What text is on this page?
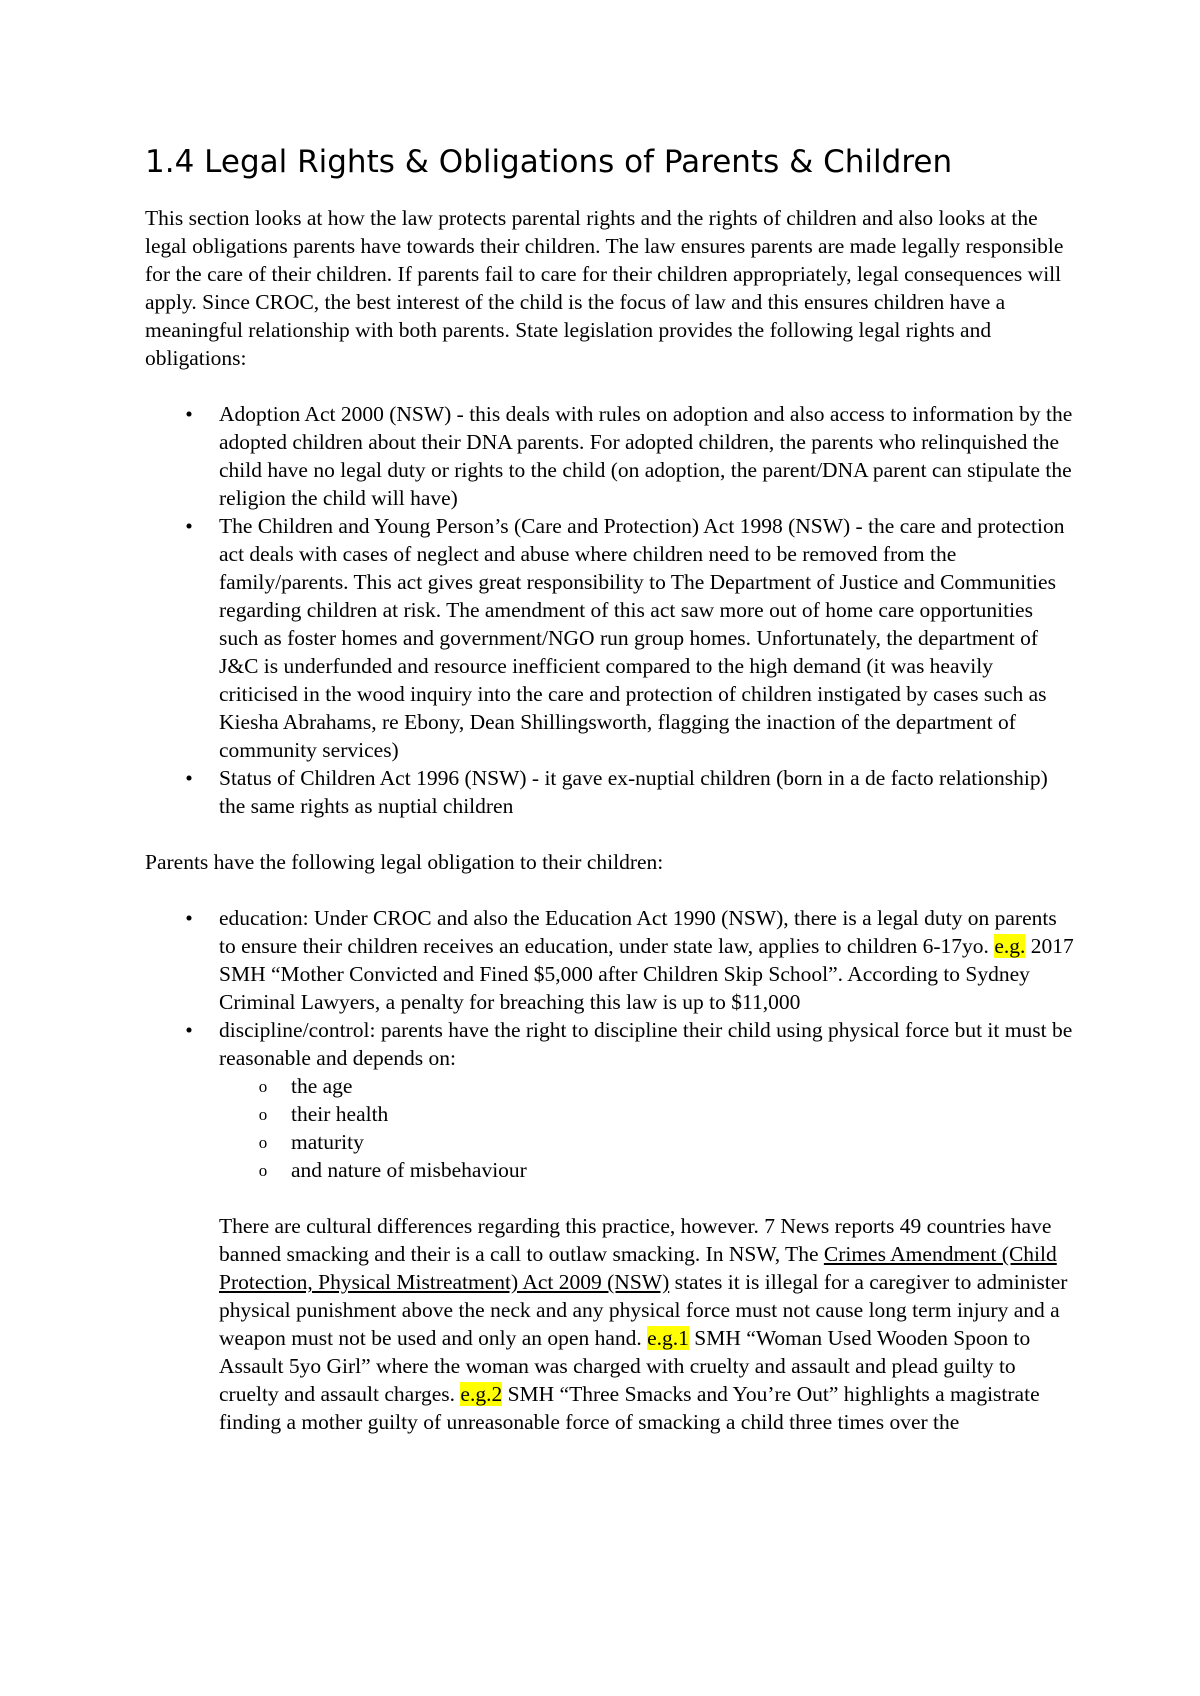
1.4 Legal Rights & Obligations of Parents & Children

This section looks at how the law protects parental rights and the rights of children and also looks at the legal obligations parents have towards their children. The law ensures parents are made legally responsible for the care of their children. If parents fail to care for their children appropriately, legal consequences will apply. Since CROC, the best interest of the child is the focus of law and this ensures children have a meaningful relationship with both parents. State legislation provides the following legal rights and obligations:

• Adoption Act 2000 (NSW) - this deals with rules on adoption and also access to information by the adopted children about their DNA parents. For adopted children, the parents who relinquished the child have no legal duty or rights to the child (on adoption, the parent/DNA parent can stipulate the religion the child will have)
• The Children and Young Person’s (Care and Protection) Act 1998 (NSW) - the care and protection act deals with cases of neglect and abuse where children need to be removed from the family/parents. This act gives great responsibility to The Department of Justice and Communities regarding children at risk. The amendment of this act saw more out of home care opportunities such as foster homes and government/NGO run group homes. Unfortunately, the department of J&C is underfunded and resource inefficient compared to the high demand (it was heavily criticised in the wood inquiry into the care and protection of children instigated by cases such as Kiesha Abrahams, re Ebony, Dean Shillingsworth, flagging the inaction of the department of community services)
• Status of Children Act 1996 (NSW) - it gave ex-nuptial children (born in a de facto relationship) the same rights as nuptial children

Parents have the following legal obligation to their children:

• education: Under CROC and also the Education Act 1990 (NSW), there is a legal duty on parents to ensure their children receives an education, under state law, applies to children 6-17yo. e.g. 2017 SMH “Mother Convicted and Fined $5,000 after Children Skip School”. According to Sydney Criminal Lawyers, a penalty for breaching this law is up to $11,000
• discipline/control: parents have the right to discipline their child using physical force but it must be reasonable and depends on:
o the age
o their health
o maturity
o and nature of misbehaviour

There are cultural differences regarding this practice, however. 7 News reports 49 countries have banned smacking and their is a call to outlaw smacking. In NSW, The Crimes Amendment (Child Protection, Physical Mistreatment) Act 2009 (NSW) states it is illegal for a caregiver to administer physical punishment above the neck and any physical force must not cause long term injury and a weapon must not be used and only an open hand. e.g.1 SMH “Woman Used Wooden Spoon to Assault 5yo Girl” where the woman was charged with cruelty and assault and plead guilty to cruelty and assault charges. e.g.2 SMH “Three Smacks and You’re Out” highlights a magistrate finding a mother guilty of unreasonable force of smacking a child three times over the
